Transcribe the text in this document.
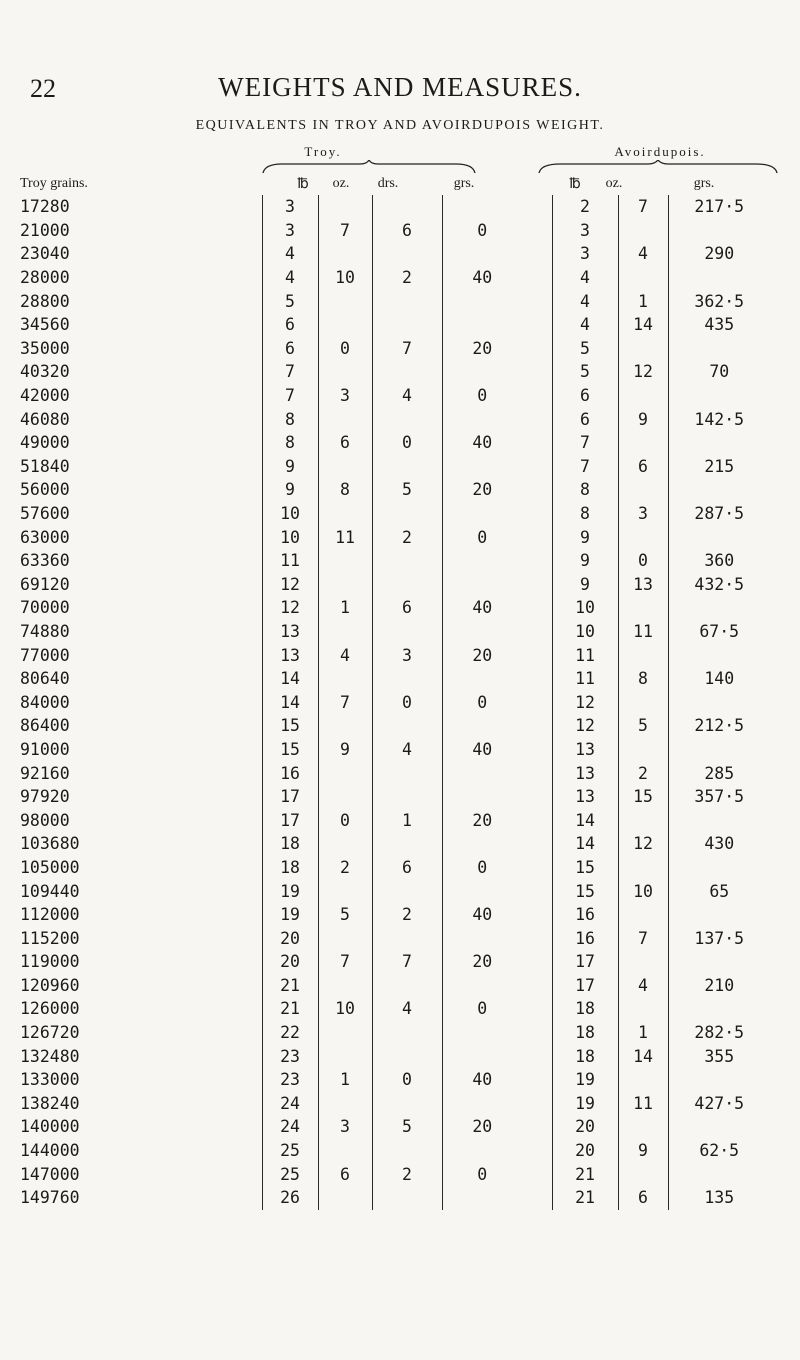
22	WEIGHTS AND MEASURES.
EQUIVALENTS IN TROY AND AVOIRDUPOIS WEIGHT.
Troy.	Avoirdupois.
Troy grains.	℔	oz.	drs.	grs.	℔	oz.	grs.
17280	3					2	7	217·5
21000	3	7	6	0		3		
23040	4					3	4	290
28000	4	10	2	40		4		
28800	5					4	1	362·5
34560	6					4	14	435
35000	6	0	7	20		5		
40320	7					5	12	70
42000	7	3	4	0		6		
46080	8					6	9	142·5
49000	8	6	0	40		7		
51840	9					7	6	215
56000	9	8	5	20		8		
57600	10					8	3	287·5
63000	10	11	2	0		9		
63360	11					9	0	360
69120	12					9	13	432·5
70000	12	1	6	40		10		
74880	13					10	11	67·5
77000	13	4	3	20		11		
80640	14					11	8	140
84000	14	7	0	0		12		
86400	15					12	5	212·5
91000	15	9	4	40		13		
92160	16					13	2	285
97920	17					13	15	357·5
98000	17	0	1	20		14		
103680	18					14	12	430
105000	18	2	6	0		15		
109440	19					15	10	65
112000	19	5	2	40		16		
115200	20					16	7	137·5
119000	20	7	7	20		17		
120960	21					17	4	210
126000	21	10	4	0		18		
126720	22					18	1	282·5
132480	23					18	14	355
133000	23	1	0	40		19		
138240	24					19	11	427·5
140000	24	3	5	20		20		
144000	25					20	9	62·5
147000	25	6	2	0		21		
149760	26					21	6	135
